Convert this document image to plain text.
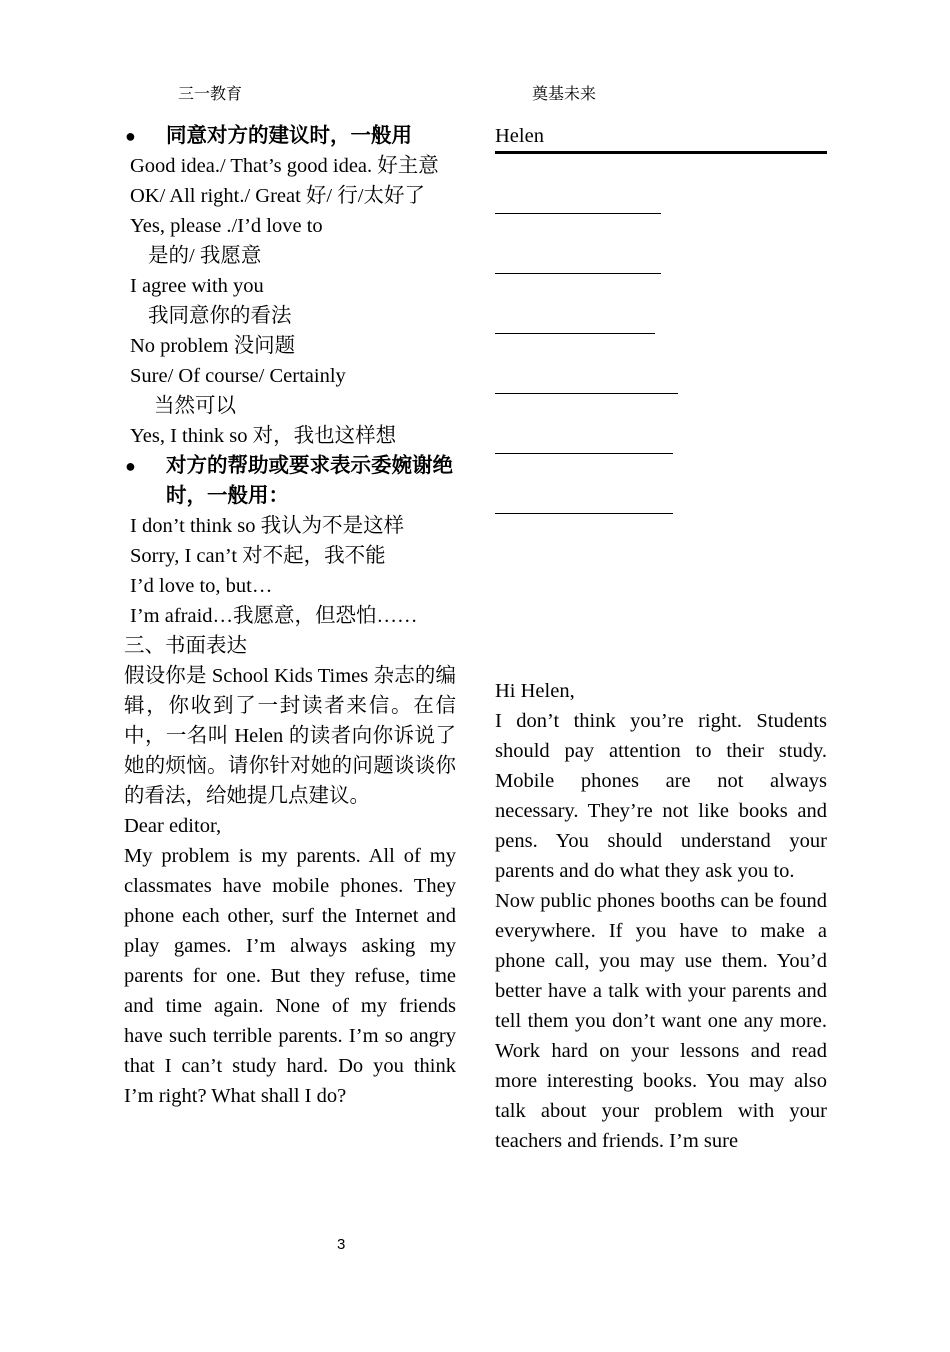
三一教育	奠基未来
● 同意对方的建议时，一般用
Good idea./ That’s good idea. 好主意
OK/ All right./ Great 好/ 行/太好了
Yes, please ./I’d love to
是的/ 我愿意
I agree with you
我同意你的看法
No problem 没问题
Sure/ Of course/ Certainly
当然可以
Yes, I think so 对，我也这样想
● 对方的帮助或要求表示委婉谢绝时，一般用：
I don’t think so 我认为不是这样
Sorry, I can’t 对不起，我不能
I’d love to, but…
I’m afraid…我愿意，但恐怕……
三、书面表达
假设你是 School Kids Times 杂志的编辑，你收到了一封读者来信。在信中，一名叫 Helen 的读者向你诉说了她的烦恼。请你针对她的问题谈谈你的看法，给她提几点建议。
Dear editor,
My problem is my parents. All of my classmates have mobile phones. They phone each other, surf the Internet and play games. I’m always asking my parents for one. But they refuse, time and time again. None of my friends have such terrible parents. I’m so angry that I can’t study hard. Do you think I’m right? What shall I do?
Helen
Hi Helen,
I don’t think you’re right. Students should pay attention to their study. Mobile phones are not always necessary. They’re not like books and pens. You should understand your parents and do what they ask you to.
Now public phones booths can be found everywhere. If you have to make a phone call, you may use them. You’d better have a talk with your parents and tell them you don’t want one any more. Work hard on your lessons and read more interesting books. You may also talk about your problem with your teachers and friends. I’m sure
3
